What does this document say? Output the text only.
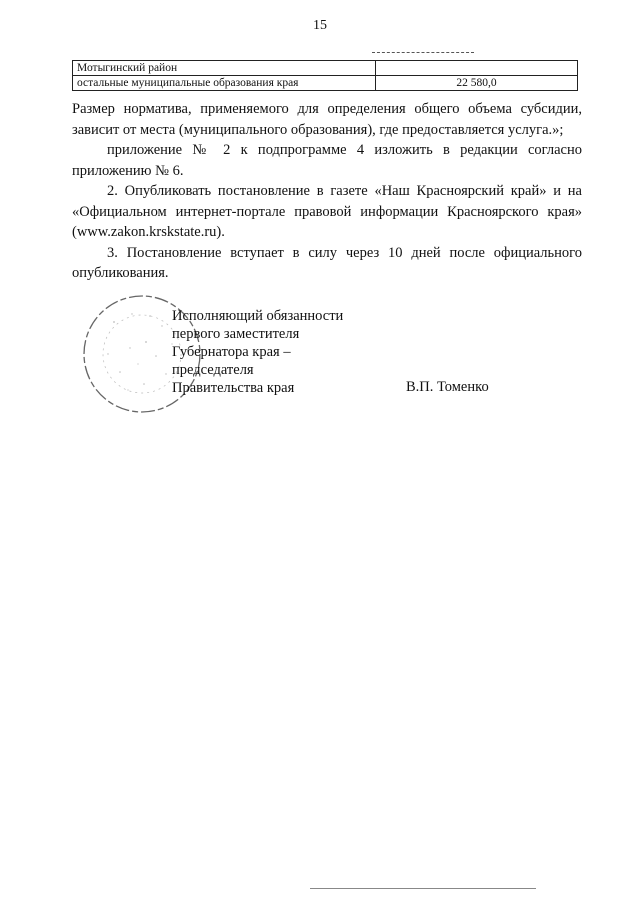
15
Мотыгинский район	
остальные муниципальные образования края	22 580,0

Размер норматива, применяемого для определения общего объема субсидии, зависит от места (муниципального образования), где предоставляется услуга.»;

приложение № 2 к подпрограмме 4 изложить в редакции согласно приложению № 6.

2. Опубликовать постановление в газете «Наш Красноярский край» и на «Официальном интернет-портале правовой информации Красноярского края» (www.zakon.krskstate.ru).

3. Постановление вступает в силу через 10 дней после официального опубликования.

Исполняющий обязанности
первого заместителя
Губернатора края –
председателя
Правительства края	В.П. Томенко
